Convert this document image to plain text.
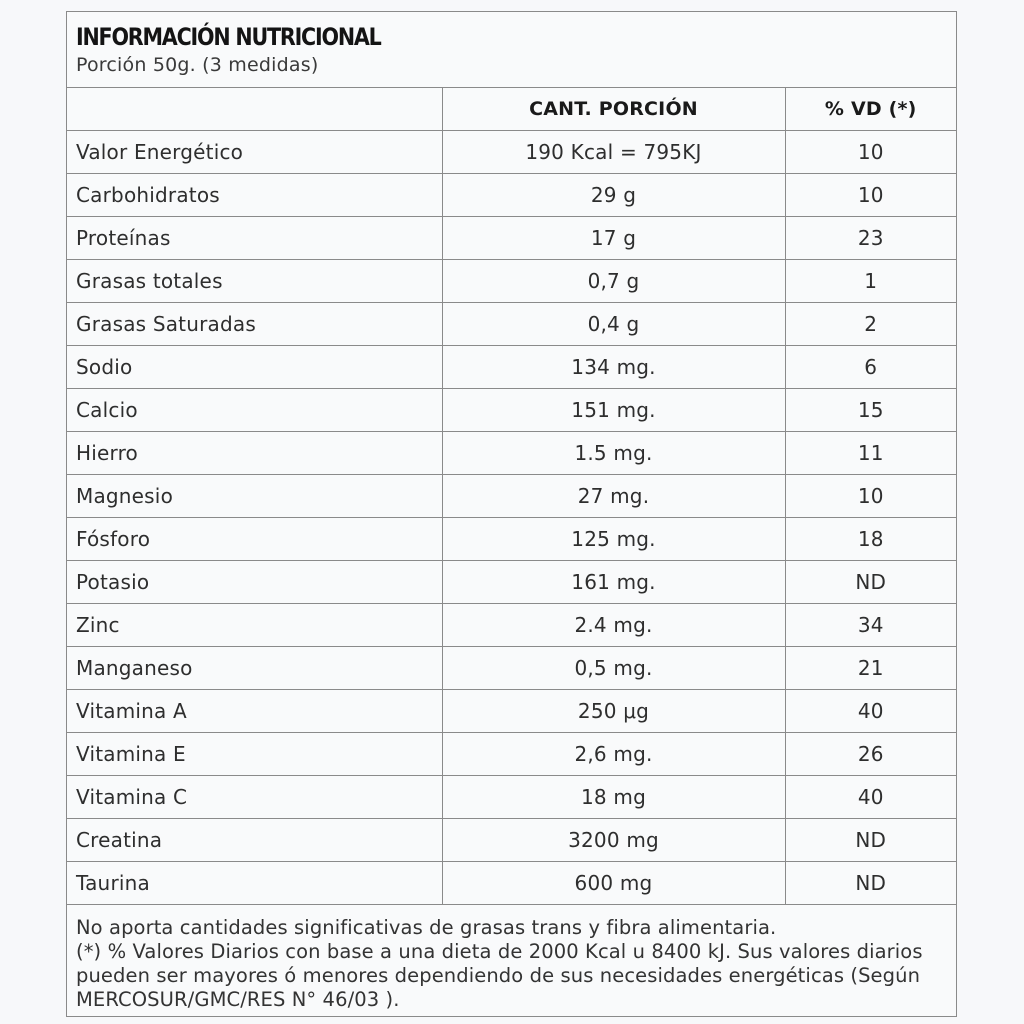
INFORMACIÓN NUTRICIONAL
Porción 50g. (3 medidas)
	CANT. PORCIÓN	% VD (*)
Valor Energético	190 Kcal = 795KJ	10
Carbohidratos	29 g	10
Proteínas	17 g	23
Grasas totales	0,7 g	1
Grasas Saturadas	0,4 g	2
Sodio	134 mg.	6
Calcio	151 mg.	15
Hierro	1.5 mg.	11
Magnesio	27 mg.	10
Fósforo	125 mg.	18
Potasio	161 mg.	ND
Zinc	2.4 mg.	34
Manganeso	0,5 mg.	21
Vitamina A	250 μg	40
Vitamina E	2,6 mg.	26
Vitamina C	18 mg	40
Creatina	3200 mg	ND
Taurina	600 mg	ND

No aporta cantidades significativas de grasas trans y fibra alimentaria.

(*) % Valores Diarios con base a una dieta de 2000 Kcal u 8400 kJ. Sus valores diarios pueden ser mayores ó menores dependiendo de sus necesidades energéticas (Según MERCOSUR/GMC/RES N° 46/03 ).
